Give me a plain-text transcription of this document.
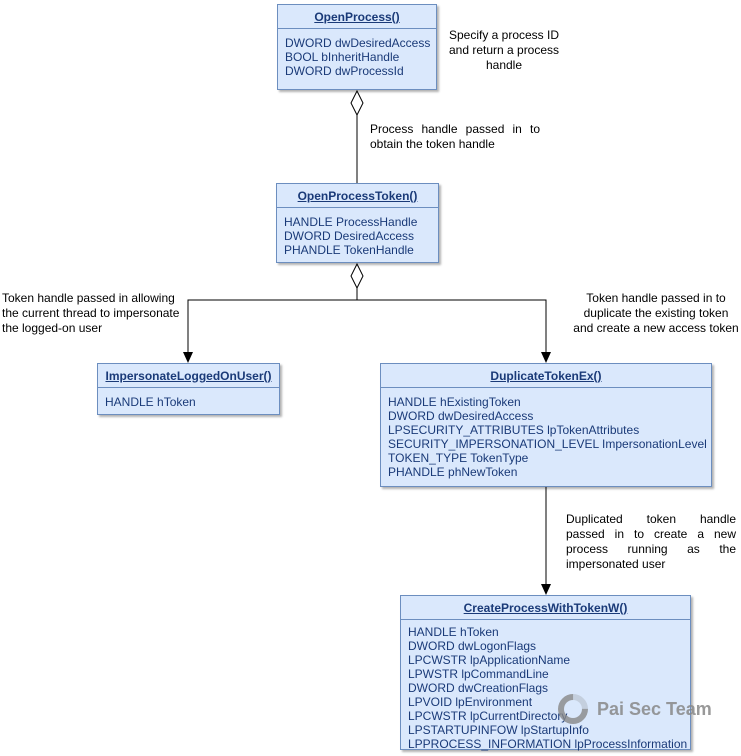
OpenProcess()
DWORD dwDesiredAccess
BOOL bInheritHandle
DWORD dwProcessId
OpenProcessToken()
HANDLE ProcessHandle
DWORD DesiredAccess
PHANDLE TokenHandle
ImpersonateLoggedOnUser()
HANDLE hToken
DuplicateTokenEx()
HANDLE hExistingToken
DWORD dwDesiredAccess
LPSECURITY_ATTRIBUTES lpTokenAttributes
SECURITY_IMPERSONATION_LEVEL ImpersonationLevel
TOKEN_TYPE TokenType
PHANDLE phNewToken
CreateProcessWithTokenW()
HANDLE hToken
DWORD dwLogonFlags
LPCWSTR lpApplicationName
LPWSTR lpCommandLine
DWORD dwCreationFlags
LPVOID lpEnvironment
LPCWSTR lpCurrentDirectory
LPSTARTUPINFOW lpStartupInfo
LPPROCESS_INFORMATION lpProcessInformation
Specify a process ID and return a process handle
Process handle passed in to obtain the token handle
Token handle passed in allowing the current thread to impersonate the logged-on user
Token handle passed in to duplicate the existing token and create a new access token
Duplicated token handle passed in to create a new process running as the impersonated user
Pai Sec Team
